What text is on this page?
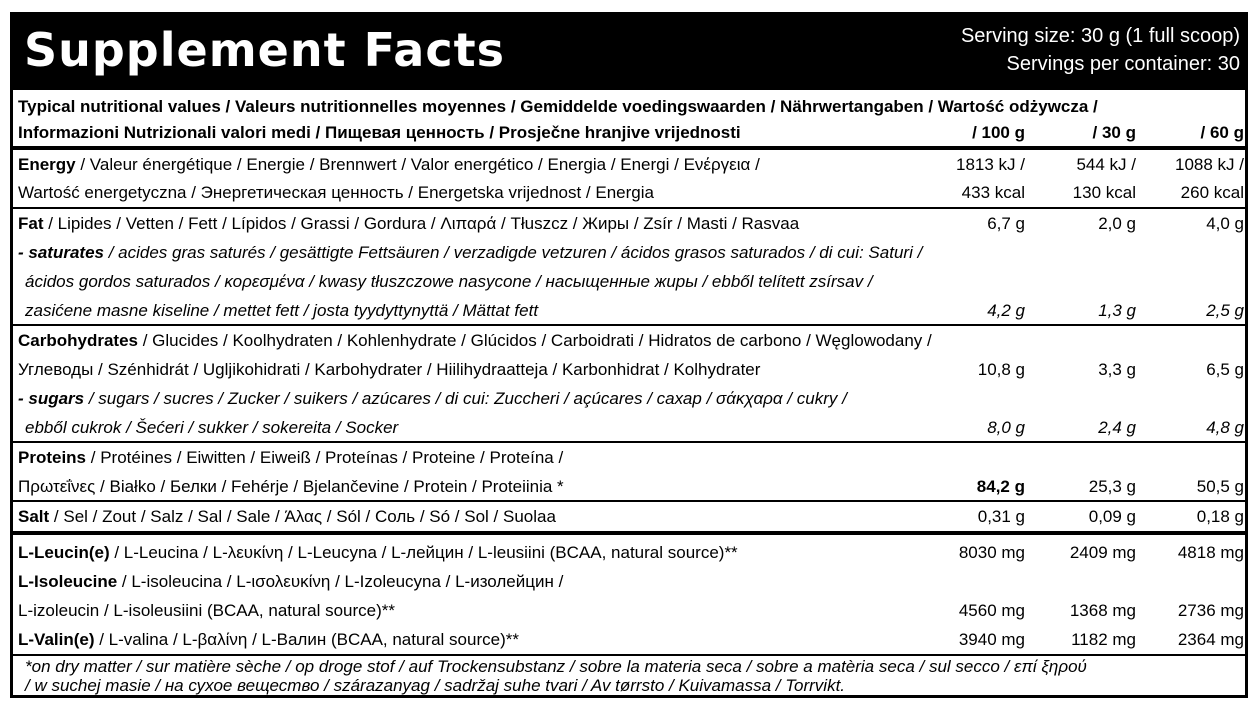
Supplement Facts	Serving size: 30 g (1 full scoop)
Servings per container: 30
Typical nutritional values / Valeurs nutritionnelles moyennes / Gemiddelde voedingswaarden / Nährwertangaben / Wartość odżywcza /
Informazioni Nutrizionali valori medi / Пищевая ценность / Prosječne hranjive vrijednosti	/ 100 g	/ 30 g	/ 60 g
Energy / Valeur énergétique / Energie / Brennwert / Valor energético / Energia / Energi / Ενέργεια /
Wartość energetyczna / Энергетическая ценность / Energetska vrijednost / Energia
1813 kJ /	544 kJ /	1088 kJ /
433 kcal	130 kcal	260 kcal
Fat / Lipides / Vetten / Fett / Lípidos / Grassi / Gordura / Λιπαρά / Tłuszcz / Жиры / Zsír / Masti / Rasvaa	6,7 g	2,0 g	4,0 g
- saturates / acides gras saturés / gesättigte Fettsäuren / verzadigde vetzuren / ácidos grasos saturados / di cui: Saturi /
ácidos gordos saturados / κορεσμένα / kwasy tłuszczowe nasycone / насыщенные жиры / ebből telített zsírsav /
zasićene masne kiseline / mettet fett / josta tyydyttynyttä / Mättat fett	4,2 g	1,3 g	2,5 g
Carbohydrates / Glucides / Koolhydraten / Kohlenhydrate / Glúcidos / Carboidrati / Hidratos de carbono / Węglowodany /
Углеводы / Szénhidrát / Ugljikohidrati / Karbohydrater / Hiilihydraatteja / Karbonhidrat / Kolhydrater	10,8 g	3,3 g	6,5 g
- sugars / sugars / sucres / Zucker / suikers / azúcares / di cui: Zuccheri / açúcares / сахар / σάκχαρα / cukry /
ebből cukrok / Šećeri / sukker / sokereita / Socker	8,0 g	2,4 g	4,8 g
Proteins / Protéines / Eiwitten / Eiweiß / Proteínas / Proteine / Proteína /
Πρωτεΐνες / Białko / Белки / Fehérje / Bjelančevine / Protein / Proteiinia *	84,2 g	25,3 g	50,5 g
Salt / Sel / Zout / Salz / Sal / Sale / Άλας / Sól / Соль / Só / Sol / Suolaa	0,31 g	0,09 g	0,18 g
L-Leucin(e) / L-Leucina / L-λευκίνη / L-Leucyna / L-лейцин / L-leusiini (BCAA, natural source)**	8030 mg	2409 mg	4818 mg
L-Isoleucine / L-isoleucina / L-ισολευκίνη / L-Izoleucyna / L-изолейцин /
L-izoleucin / L-isoleusiini (BCAA, natural source)**	4560 mg	1368 mg	2736 mg
L-Valin(e) / L-valina / L-βαλίνη / L-Валин (BCAA, natural source)**	3940 mg	1182 mg	2364 mg
*on dry matter / sur matière sèche / op droge stof / auf Trockensubstanz / sobre la materia seca / sobre a matèria seca / sul secco / επί ξηρού
/ w suchej masie / на сухое вещество / szárazanyag / sadržaj suhe tvari / Av tørrsto / Kuivamassa / Torrvikt.
